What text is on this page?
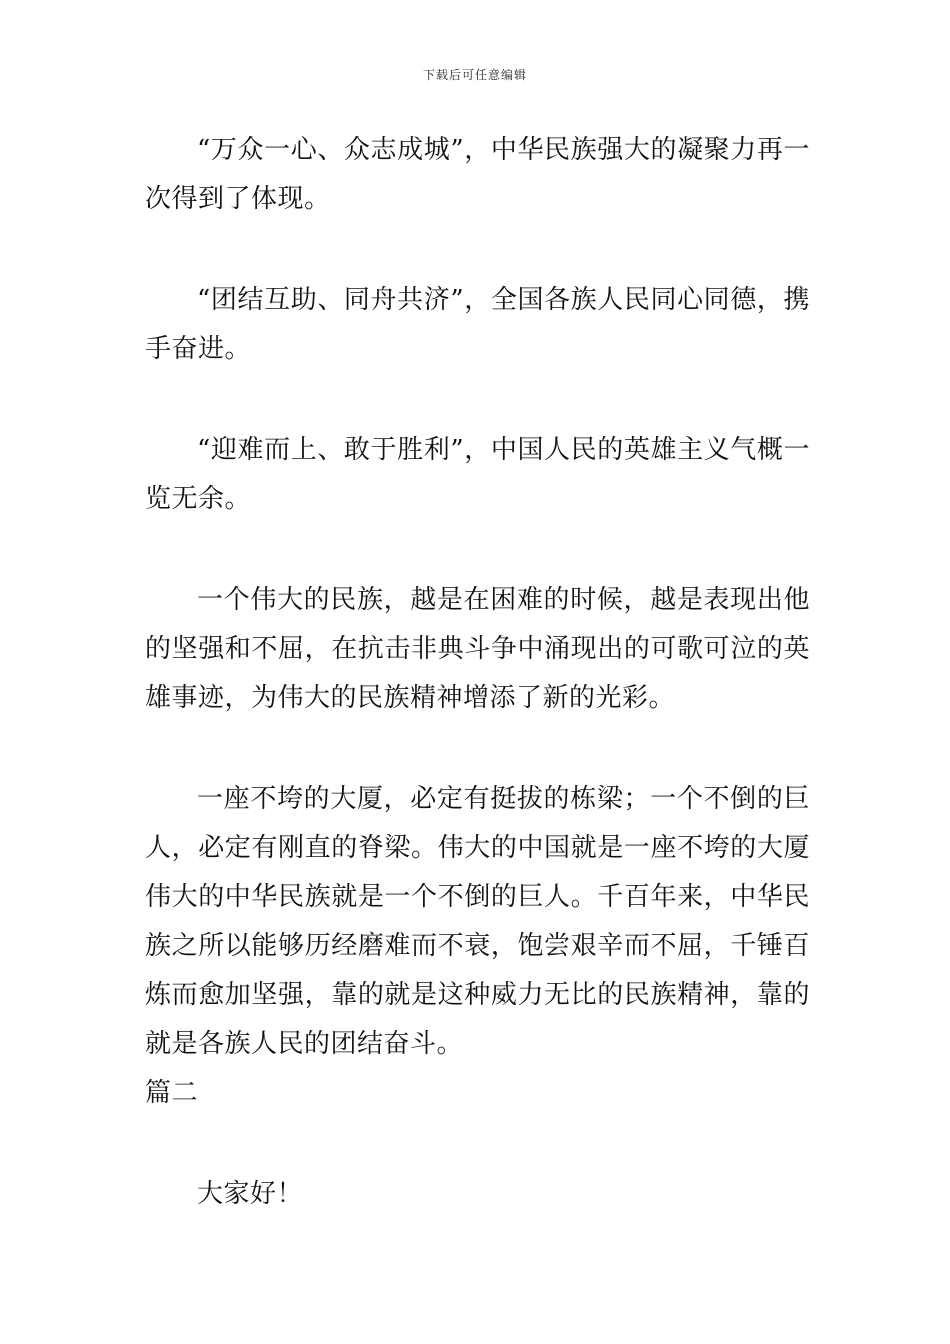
下载后可任意编辑

“万众一心、众志成城”，中华民族强大的凝聚力再一次得到了体现。

“团结互助、同舟共济”，全国各族人民同心同德，携手奋进。

“迎难而上、敢于胜利”，中国人民的英雄主义气概一览无余。

一个伟大的民族，越是在困难的时候，越是表现出他的坚强和不屈，在抗击非典斗争中涌现出的可歌可泣的英雄事迹，为伟大的民族精神增添了新的光彩。

一座不垮的大厦，必定有挺拔的栋梁；一个不倒的巨人，必定有刚直的脊梁。伟大的中国就是一座不垮的大厦伟大的中华民族就是一个不倒的巨人。千百年来，中华民族之所以能够历经磨难而不衰，饱尝艰辛而不屈，千锤百炼而愈加坚强，靠的就是这种威力无比的民族精神，靠的就是各族人民的团结奋斗。

篇二

大家好！
